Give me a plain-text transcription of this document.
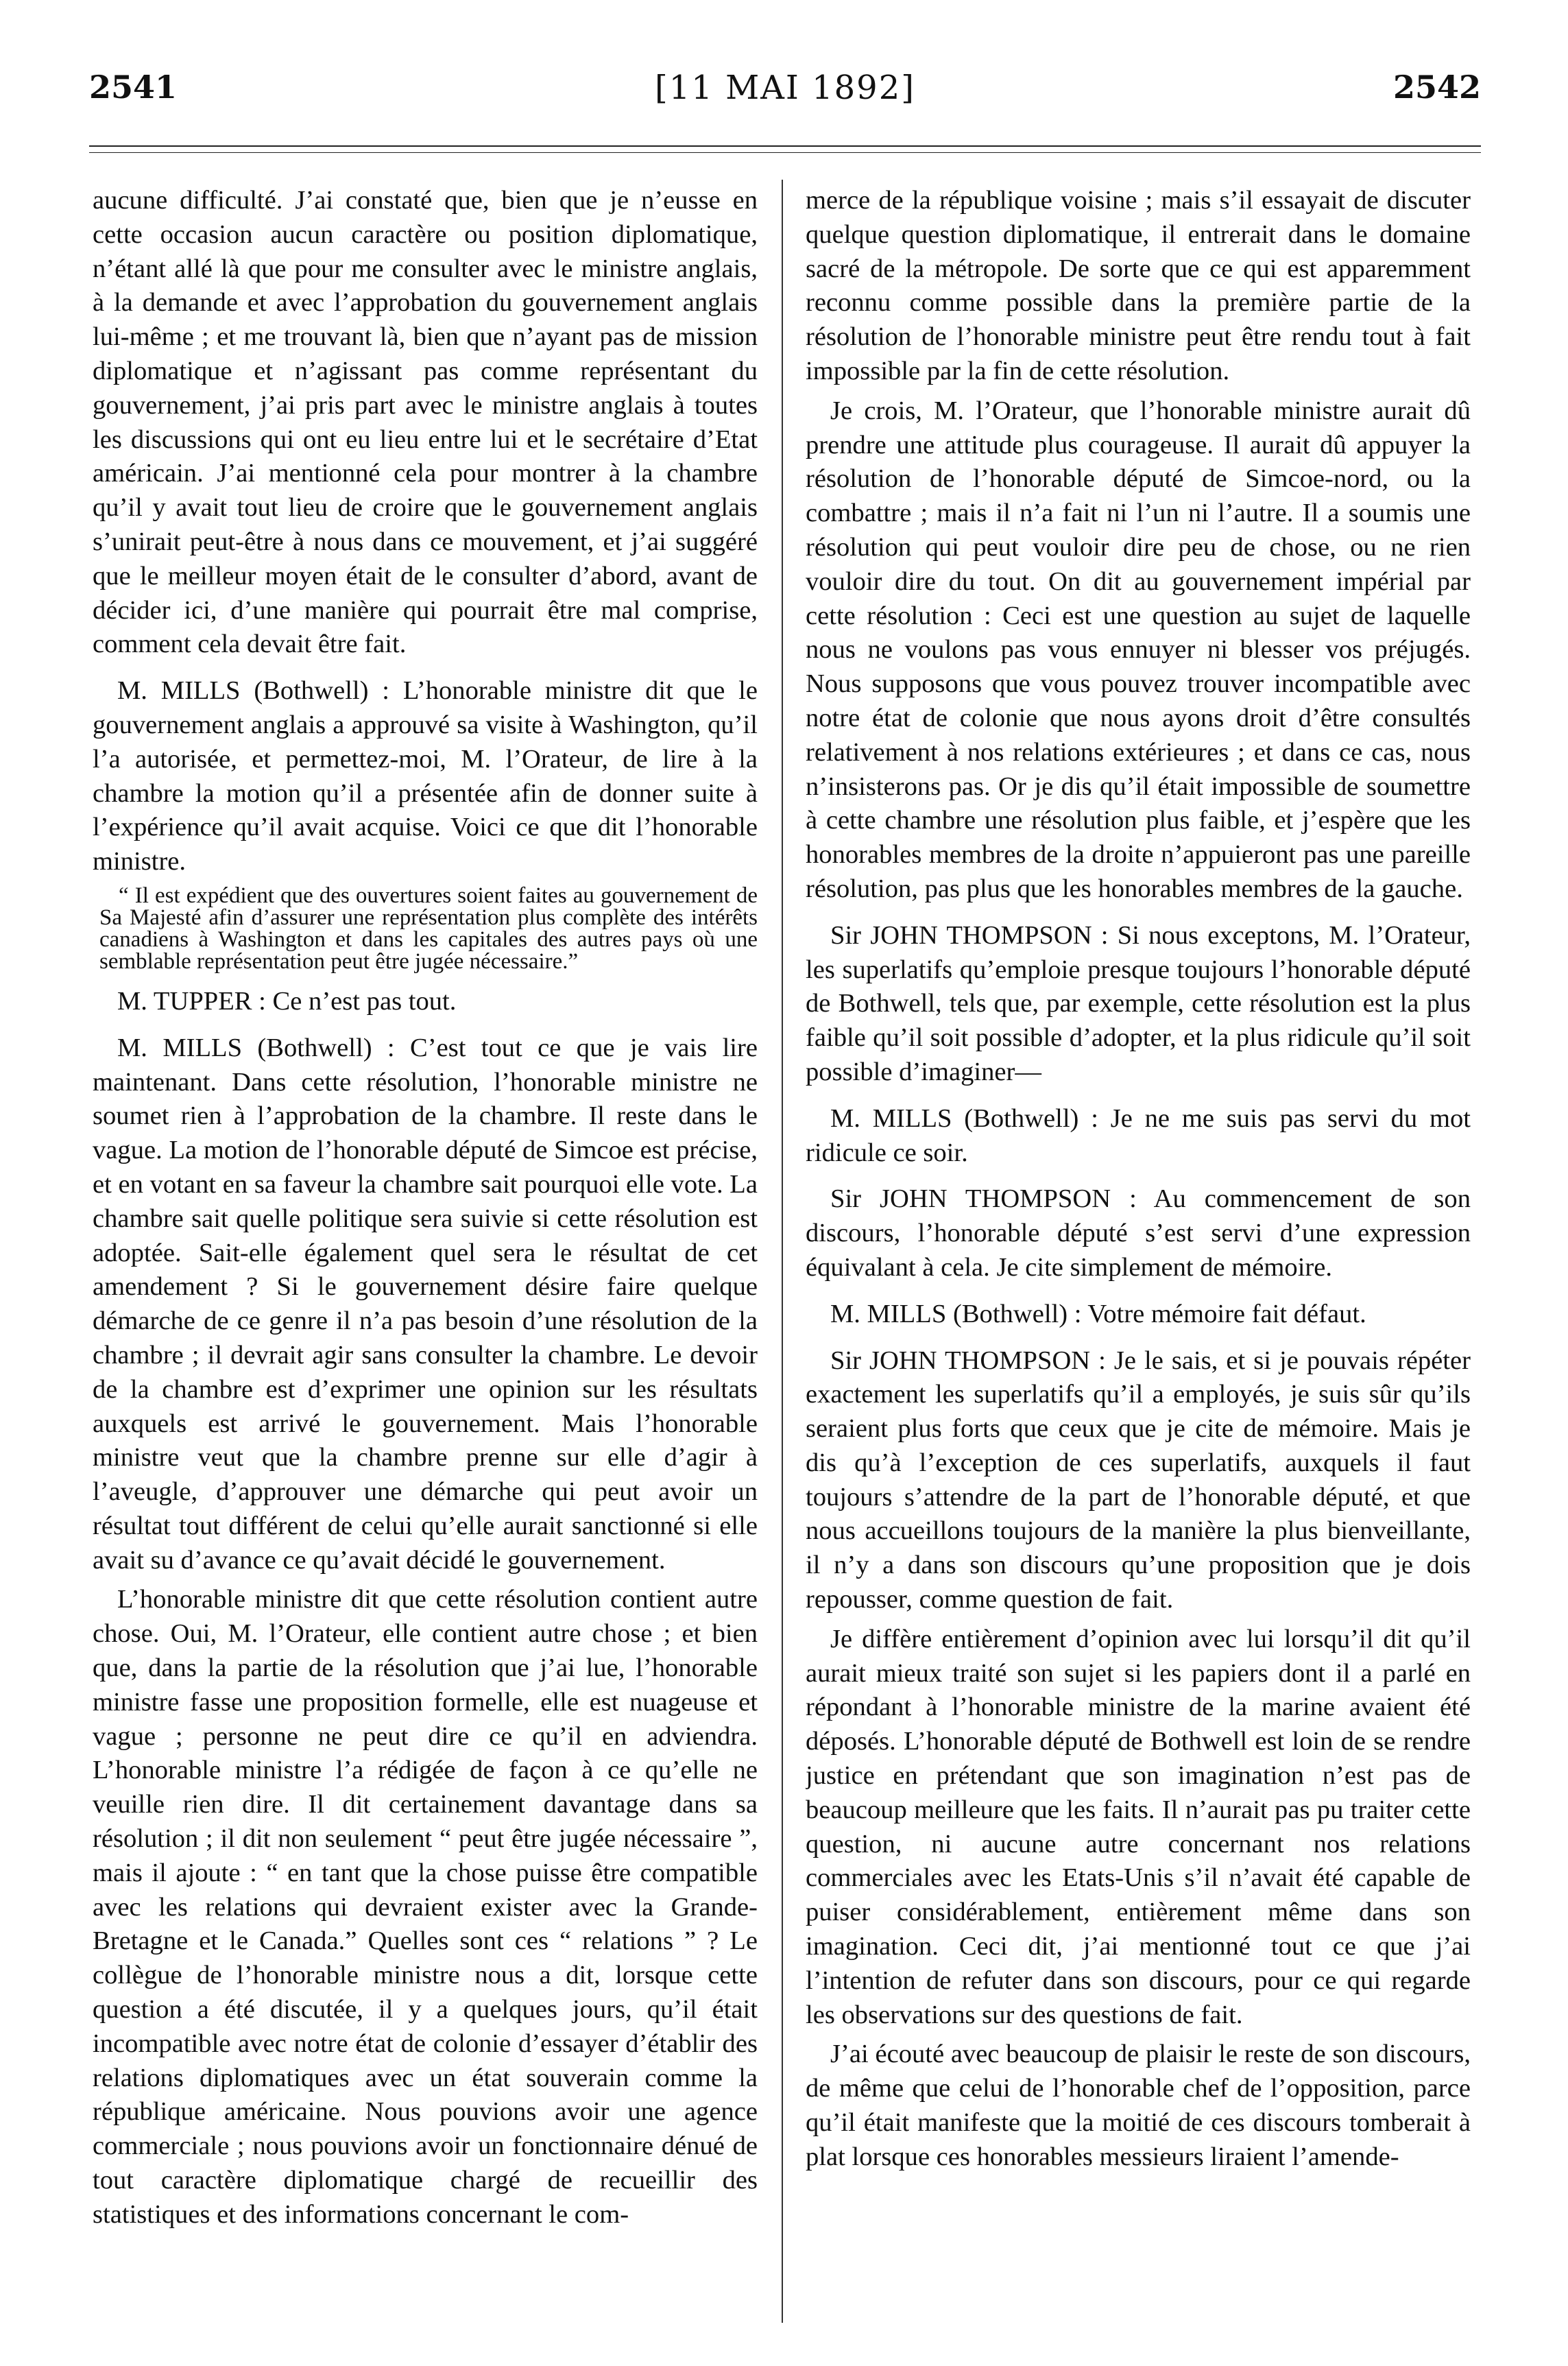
2541	[11 MAI 1892]	2542

aucune difficulté. J’ai constaté que, bien que je n’eusse en cette occasion aucun caractère ou position diplomatique, n’étant allé là que pour me consulter avec le ministre anglais, à la demande et avec l’approbation du gouvernement anglais lui-même ; et me trouvant là, bien que n’ayant pas de mission diplomatique et n’agissant pas comme représentant du gouvernement, j’ai pris part avec le ministre anglais à toutes les discussions qui ont eu lieu entre lui et le secrétaire d’Etat américain. J’ai mentionné cela pour montrer à la chambre qu’il y avait tout lieu de croire que le gouvernement anglais s’unirait peut-être à nous dans ce mouvement, et j’ai suggéré que le meilleur moyen était de le consulter d’abord, avant de décider ici, d’une manière qui pourrait être mal comprise, comment cela devait être fait.

M. MILLS (Bothwell) : L’honorable ministre dit que le gouvernement anglais a approuvé sa visite à Washington, qu’il l’a autorisée, et permettez-moi, M. l’Orateur, de lire à la chambre la motion qu’il a présentée afin de donner suite à l’expérience qu’il avait acquise. Voici ce que dit l’honorable ministre.

“ Il est expédient que des ouvertures soient faites au gouvernement de Sa Majesté afin d’assurer une représentation plus complète des intérêts canadiens à Washington et dans les capitales des autres pays où une semblable représentation peut être jugée nécessaire.”

M. TUPPER : Ce n’est pas tout.

M. MILLS (Bothwell) : C’est tout ce que je vais lire maintenant. Dans cette résolution, l’honorable ministre ne soumet rien à l’approbation de la chambre. Il reste dans le vague. La motion de l’honorable député de Simcoe est précise, et en votant en sa faveur la chambre sait pourquoi elle vote. La chambre sait quelle politique sera suivie si cette résolution est adoptée. Sait-elle également quel sera le résultat de cet amendement ? Si le gouvernement désire faire quelque démarche de ce genre il n’a pas besoin d’une résolution de la chambre ; il devrait agir sans consulter la chambre. Le devoir de la chambre est d’exprimer une opinion sur les résultats auxquels est arrivé le gouvernement. Mais l’honorable ministre veut que la chambre prenne sur elle d’agir à l’aveugle, d’approuver une démarche qui peut avoir un résultat tout différent de celui qu’elle aurait sanctionné si elle avait su d’avance ce qu’avait décidé le gouvernement.

L’honorable ministre dit que cette résolution contient autre chose. Oui, M. l’Orateur, elle contient autre chose ; et bien que, dans la partie de la résolution que j’ai lue, l’honorable ministre fasse une proposition formelle, elle est nuageuse et vague ; personne ne peut dire ce qu’il en adviendra. L’honorable ministre l’a rédigée de façon à ce qu’elle ne veuille rien dire. Il dit certainement davantage dans sa résolution ; il dit non seulement “ peut être jugée nécessaire ”, mais il ajoute : “ en tant que la chose puisse être compatible avec les relations qui devraient exister avec la Grande-Bretagne et le Canada.” Quelles sont ces “ relations ” ? Le collègue de l’honorable ministre nous a dit, lorsque cette question a été discutée, il y a quelques jours, qu’il était incompatible avec notre état de colonie d’essayer d’établir des relations diplomatiques avec un état souverain comme la république américaine. Nous pouvions avoir une agence commerciale ; nous pouvions avoir un fonctionnaire dénué de tout caractère diplomatique chargé de recueillir des statistiques et des informations concernant le com-

merce de la république voisine ; mais s’il essayait de discuter quelque question diplomatique, il entrerait dans le domaine sacré de la métropole. De sorte que ce qui est apparemment reconnu comme possible dans la première partie de la résolution de l’honorable ministre peut être rendu tout à fait impossible par la fin de cette résolution.

Je crois, M. l’Orateur, que l’honorable ministre aurait dû prendre une attitude plus courageuse. Il aurait dû appuyer la résolution de l’honorable député de Simcoe-nord, ou la combattre ; mais il n’a fait ni l’un ni l’autre. Il a soumis une résolution qui peut vouloir dire peu de chose, ou ne rien vouloir dire du tout. On dit au gouvernement impérial par cette résolution : Ceci est une question au sujet de laquelle nous ne voulons pas vous ennuyer ni blesser vos préjugés. Nous supposons que vous pouvez trouver incompatible avec notre état de colonie que nous ayons droit d’être consultés relativement à nos relations extérieures ; et dans ce cas, nous n’insisterons pas. Or je dis qu’il était impossible de soumettre à cette chambre une résolution plus faible, et j’espère que les honorables membres de la droite n’appuieront pas une pareille résolution, pas plus que les honorables membres de la gauche.

Sir JOHN THOMPSON : Si nous exceptons, M. l’Orateur, les superlatifs qu’emploie presque toujours l’honorable député de Bothwell, tels que, par exemple, cette résolution est la plus faible qu’il soit possible d’adopter, et la plus ridicule qu’il soit possible d’imaginer—

M. MILLS (Bothwell) : Je ne me suis pas servi du mot ridicule ce soir.

Sir JOHN THOMPSON : Au commencement de son discours, l’honorable député s’est servi d’une expression équivalant à cela. Je cite simplement de mémoire.

M. MILLS (Bothwell) : Votre mémoire fait défaut.

Sir JOHN THOMPSON : Je le sais, et si je pouvais répéter exactement les superlatifs qu’il a employés, je suis sûr qu’ils seraient plus forts que ceux que je cite de mémoire. Mais je dis qu’à l’exception de ces superlatifs, auxquels il faut toujours s’attendre de la part de l’honorable député, et que nous accueillons toujours de la manière la plus bienveillante, il n’y a dans son discours qu’une proposition que je dois repousser, comme question de fait.

Je diffère entièrement d’opinion avec lui lorsqu’il dit qu’il aurait mieux traité son sujet si les papiers dont il a parlé en répondant à l’honorable ministre de la marine avaient été déposés. L’honorable député de Bothwell est loin de se rendre justice en prétendant que son imagination n’est pas de beaucoup meilleure que les faits. Il n’aurait pas pu traiter cette question, ni aucune autre concernant nos relations commerciales avec les Etats-Unis s’il n’avait été capable de puiser considérablement, entièrement même dans son imagination. Ceci dit, j’ai mentionné tout ce que j’ai l’intention de refuter dans son discours, pour ce qui regarde les observations sur des questions de fait.

J’ai écouté avec beaucoup de plaisir le reste de son discours, de même que celui de l’honorable chef de l’opposition, parce qu’il était manifeste que la moitié de ces discours tomberait à plat lorsque ces honorables messieurs liraient l’amende-
